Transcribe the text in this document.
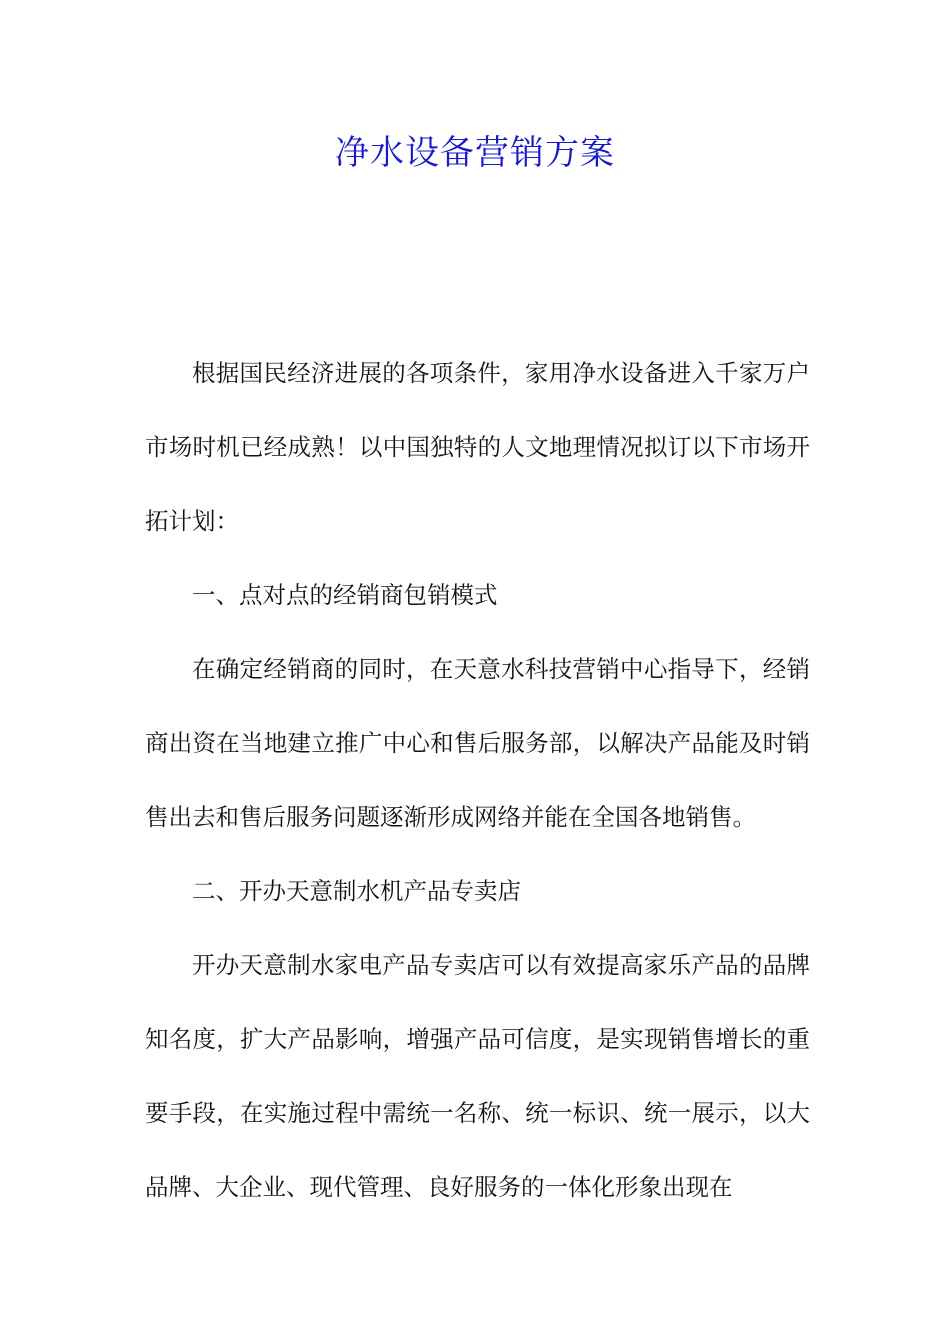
净水设备营销方案

根据国民经济进展的各项条件，家用净水设备进入千家万户市场时机已经成熟！以中国独特的人文地理情况拟订以下市场开拓计划：

一、点对点的经销商包销模式

在确定经销商的同时，在天意水科技营销中心指导下，经销商出资在当地建立推广中心和售后服务部，以解决产品能及时销售出去和售后服务问题逐渐形成网络并能在全国各地销售。

二、开办天意制水机产品专卖店

开办天意制水家电产品专卖店可以有效提高家乐产品的品牌知名度，扩大产品影响，增强产品可信度，是实现销售增长的重要手段，在实施过程中需统一名称、统一标识、统一展示，以大品牌、大企业、现代管理、良好服务的一体化形象出现在
